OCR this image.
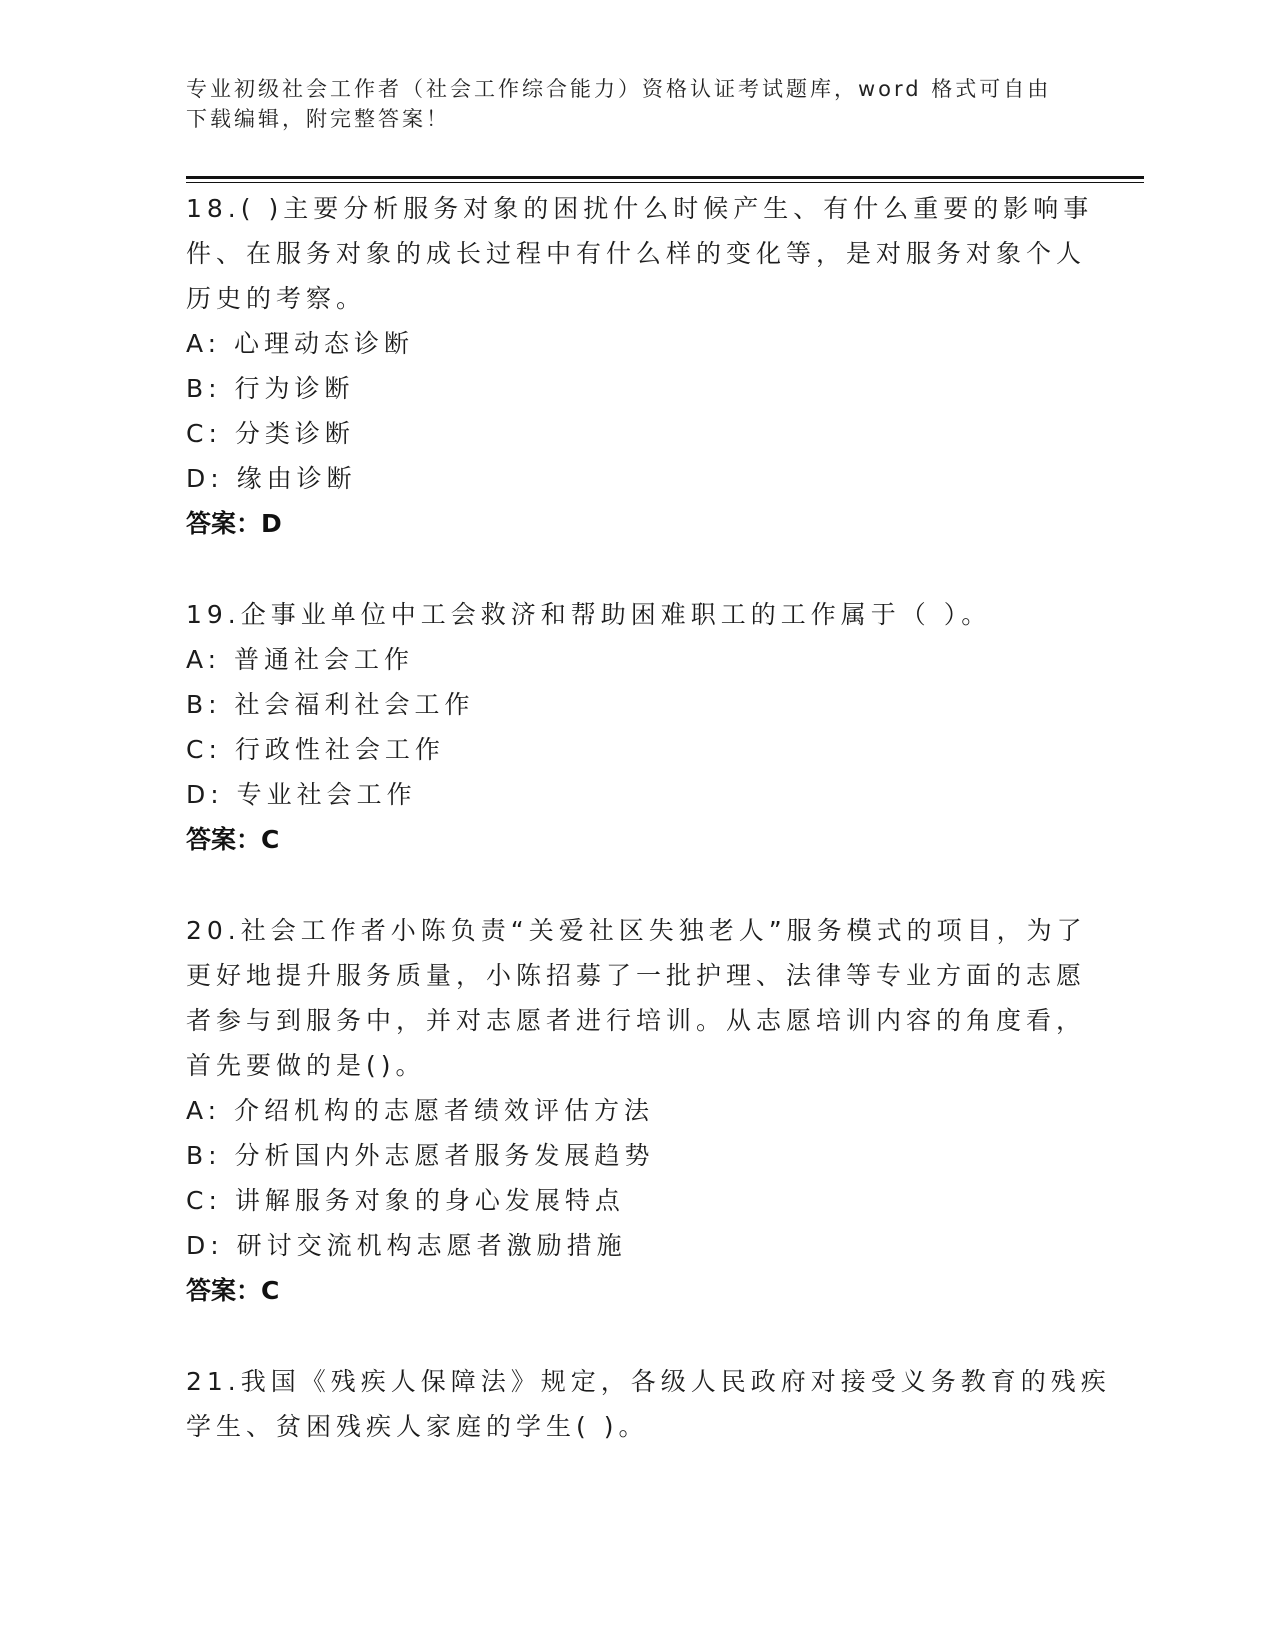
专业初级社会工作者（社会工作综合能力）资格认证考试题库，word 格式可自由
下载编辑，附完整答案！
18.( )主要分析服务对象的困扰什么时候产生、有什么重要的影响事
件、在服务对象的成长过程中有什么样的变化等，是对服务对象个人
历史的考察。
A: 心理动态诊断
B: 行为诊断
C: 分类诊断
D: 缘由诊断
答案：D
19.企事业单位中工会救济和帮助困难职工的工作属于（ ）。
A: 普通社会工作
B: 社会福利社会工作
C: 行政性社会工作
D: 专业社会工作
答案：C
20.社会工作者小陈负责“关爱社区失独老人”服务模式的项目，为了
更好地提升服务质量，小陈招募了一批护理、法律等专业方面的志愿
者参与到服务中，并对志愿者进行培训。从志愿培训内容的角度看，
首先要做的是()。
A: 介绍机构的志愿者绩效评估方法
B: 分析国内外志愿者服务发展趋势
C: 讲解服务对象的身心发展特点
D: 研讨交流机构志愿者激励措施
答案：C
21.我国《残疾人保障法》规定，各级人民政府对接受义务教育的残疾
学生、贫困残疾人家庭的学生( )。
